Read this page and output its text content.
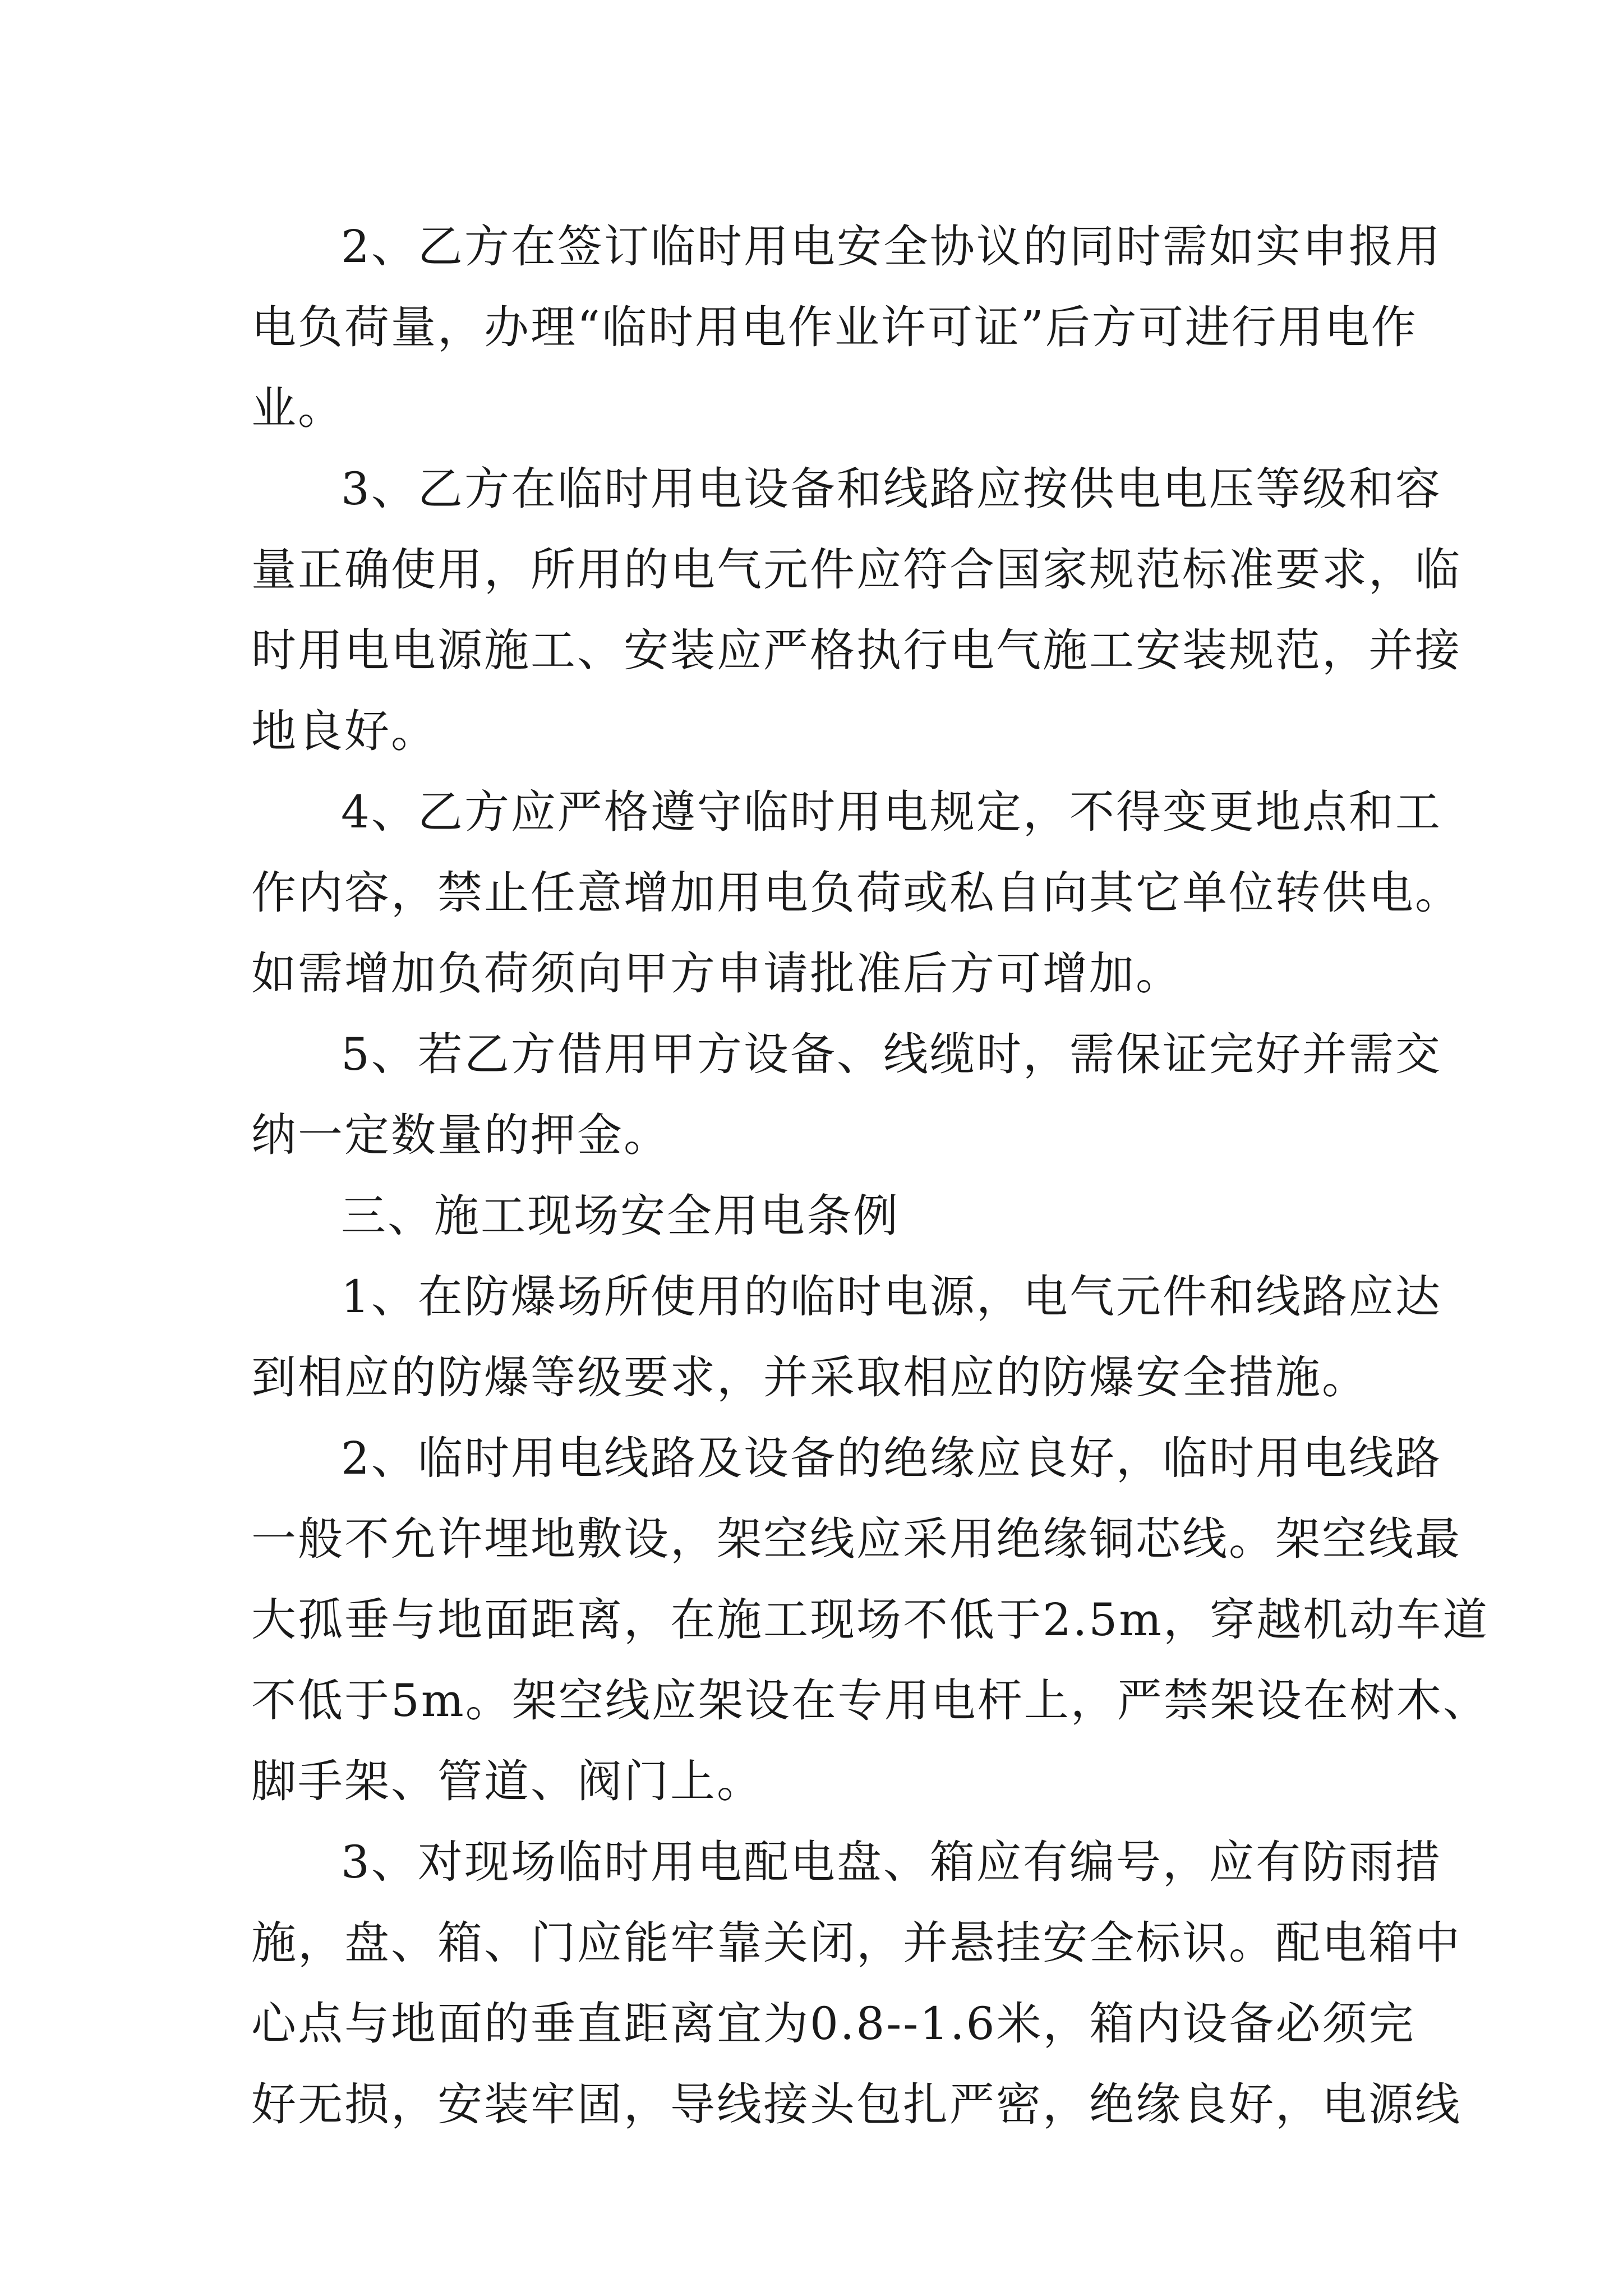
2、乙方在签订临时用电安全协议的同时需如实申报用
电负荷量，办理“临时用电作业许可证”后方可进行用电作
业。
3、乙方在临时用电设备和线路应按供电电压等级和容
量正确使用，所用的电气元件应符合国家规范标准要求，临
时用电电源施工、安装应严格执行电气施工安装规范，并接
地良好。
4、乙方应严格遵守临时用电规定，不得变更地点和工
作内容，禁止任意增加用电负荷或私自向其它单位转供电。
如需增加负荷须向甲方申请批准后方可增加。
5、若乙方借用甲方设备、线缆时，需保证完好并需交
纳一定数量的押金。
三、施工现场安全用电条例
1、在防爆场所使用的临时电源，电气元件和线路应达
到相应的防爆等级要求，并采取相应的防爆安全措施。
2、临时用电线路及设备的绝缘应良好，临时用电线路
一般不允许埋地敷设，架空线应采用绝缘铜芯线。架空线最
大孤垂与地面距离，在施工现场不低于2.5m，穿越机动车道
不低于5m。架空线应架设在专用电杆上，严禁架设在树木、
脚手架、管道、阀门上。
3、对现场临时用电配电盘、箱应有编号，应有防雨措
施，盘、箱、门应能牢靠关闭，并悬挂安全标识。配电箱中
心点与地面的垂直距离宜为0.8--1.6米，箱内设备必须完
好无损，安装牢固，导线接头包扎严密，绝缘良好，电源线
